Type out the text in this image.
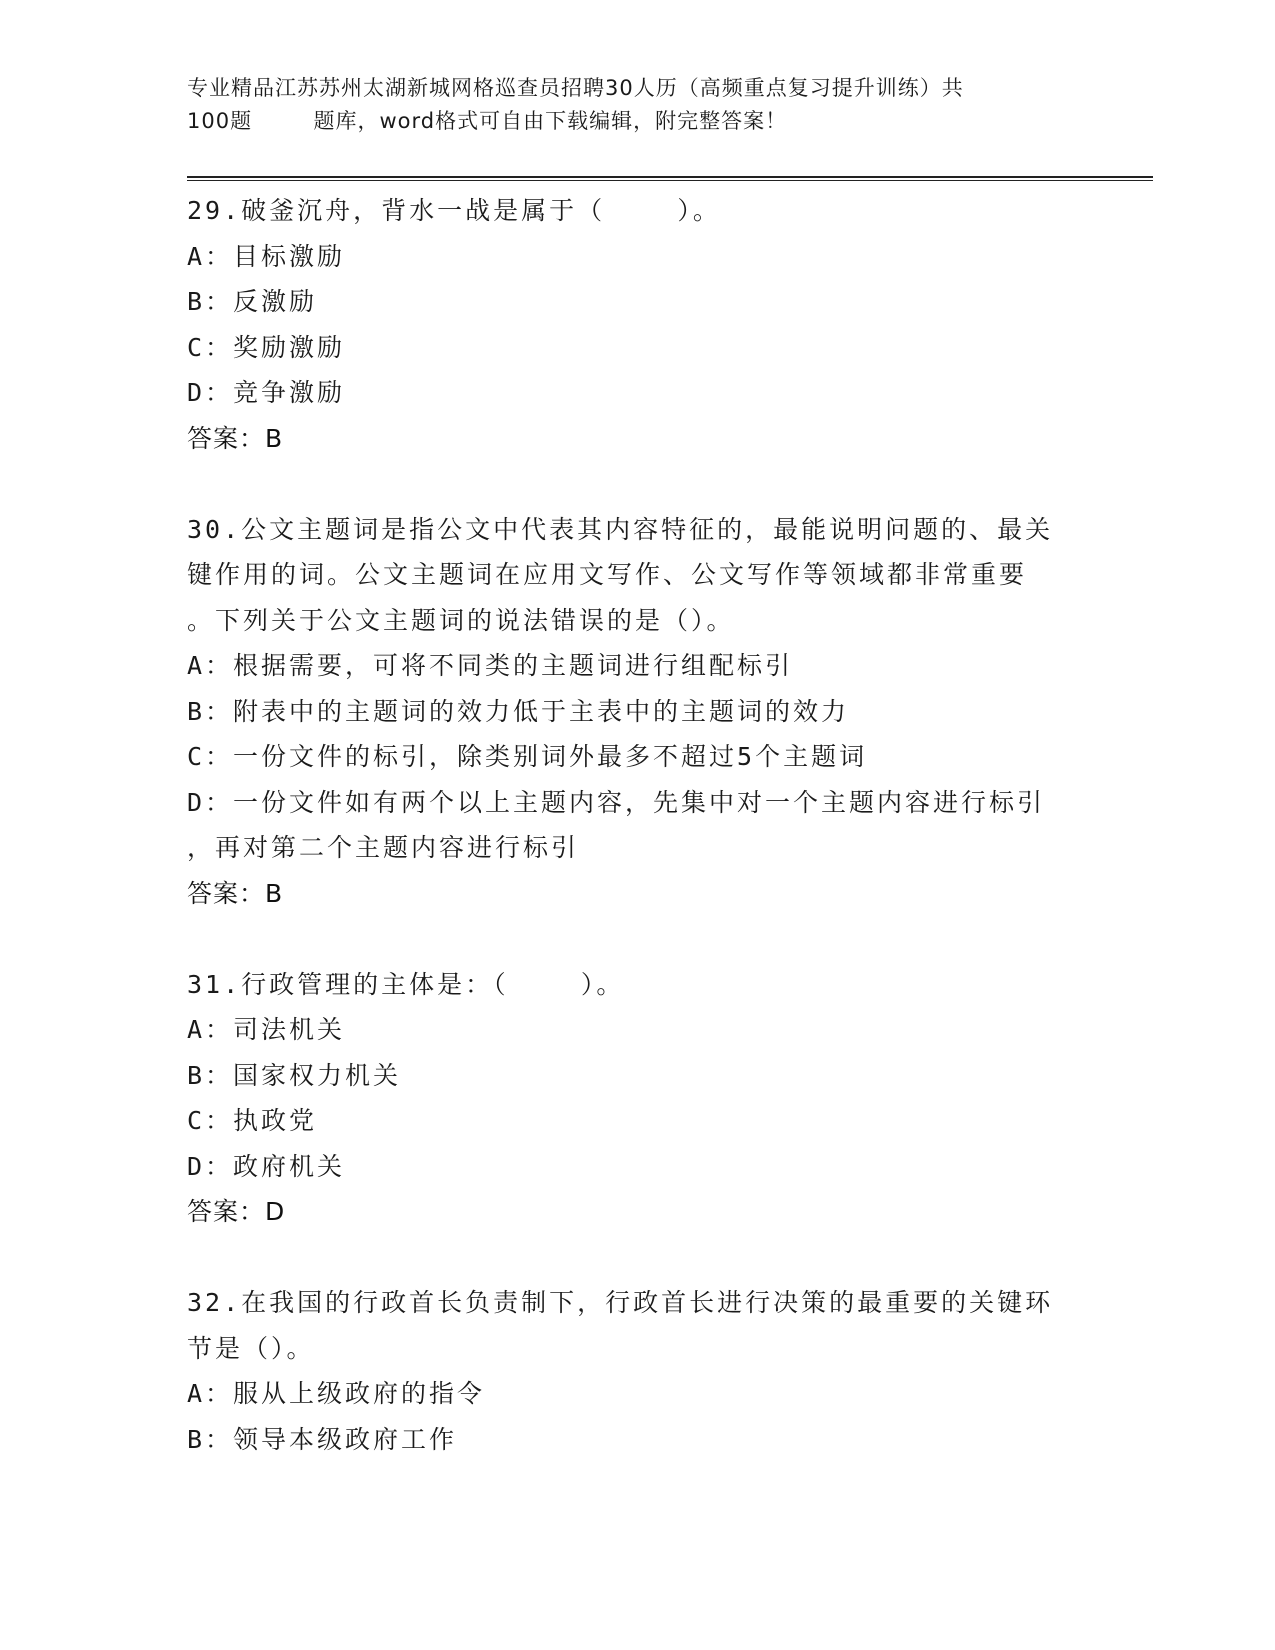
专业精品江苏苏州太湖新城网格巡查员招聘30人历（高频重点复习提升训练）共
100题        题库，word格式可自由下载编辑，附完整答案！
29.破釜沉舟，背水一战是属于（    ）。
A：目标激励
B：反激励
C：奖励激励
D：竞争激励
答案：B
30.公文主题词是指公文中代表其内容特征的，最能说明问题的、最关
键作用的词。公文主题词在应用文写作、公文写作等领域都非常重要
。下列关于公文主题词的说法错误的是（）。
A：根据需要，可将不同类的主题词进行组配标引
B：附表中的主题词的效力低于主表中的主题词的效力
C：一份文件的标引，除类别词外最多不超过5个主题词
D：一份文件如有两个以上主题内容，先集中对一个主题内容进行标引
，再对第二个主题内容进行标引
答案：B
31.行政管理的主体是：（    ）。
A：司法机关
B：国家权力机关
C：执政党
D：政府机关
答案：D
32.在我国的行政首长负责制下，行政首长进行决策的最重要的关键环
节是（）。
A：服从上级政府的指令
B：领导本级政府工作
